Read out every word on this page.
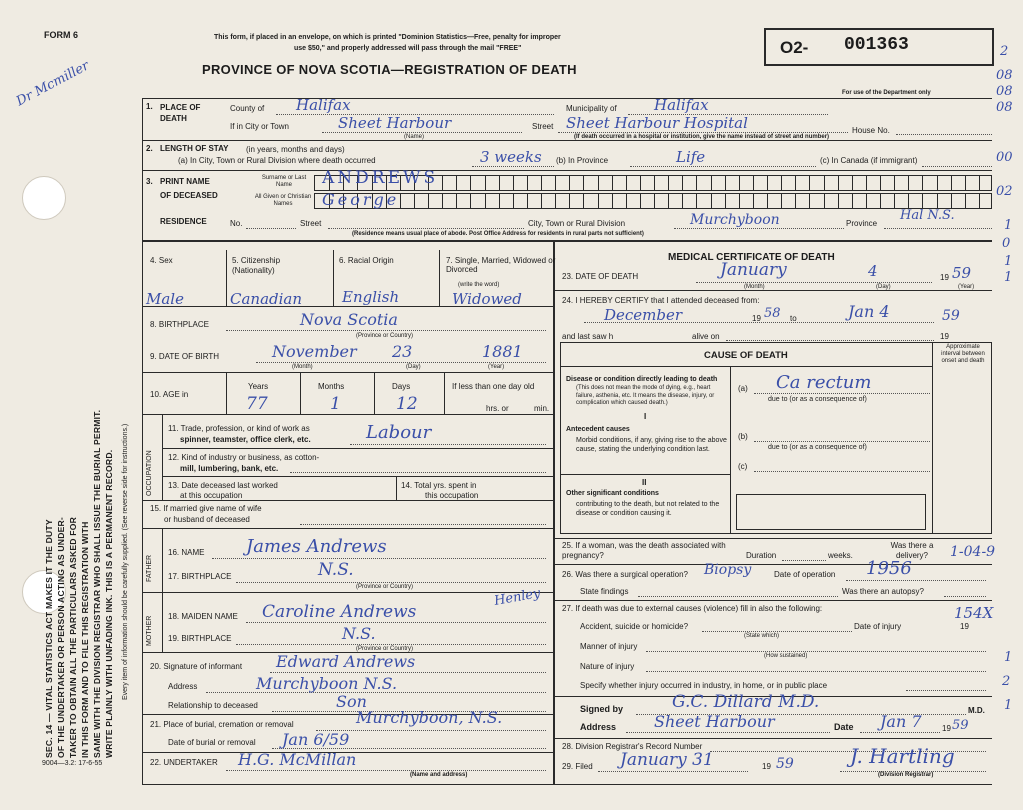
FORM 6
Dr Mcmiller
9004—3.2: 17-6-55
SEC. 14 — VITAL STATISTICS ACT MAKES IT THE DUTY OF THE UNDERTAKER OR PERSON ACTING AS UNDER- TAKER TO OBTAIN ALL THE PARTICULARS ASKED FOR IN THIS FORM AND TO FILE THIS REGISTRATION WITH SAME WITH THE DIVISION REGISTRAR WHO SHALL ISSUE THE BURIAL PERMIT. WRITE PLAINLY WITH UNFADING INK. THIS IS A PERMANENT RECORD. Every item of information should be carefully supplied. (See reverse side for instructions.)
This form, if placed in an envelope, on which is printed "Dominion Statistics—Free, penalty for improper
use $50," and properly addressed will pass through the mail "FREE"
PROVINCE OF NOVA SCOTIA—REGISTRATION OF DEATH
O2- 001363
For use of the Department only
2
08
08
08
00
02
1
0
1
1
154X
1
2
1
1. PLACE OF DEATH
County of Halifax	Municipality of Halifax
If in City or Town	Sheet Harbour	Street Sheet Harbour Hospital	House No.
(Name)	(If death occurred in a hospital or institution, give the name instead of street and number)
2. LENGTH OF STAY (in years, months and days)
(a) In City, Town or Rural Division where death occurred	3 weeks (b) In Province	Life	(c) In Canada (if immigrant)
3. PRINT NAME
OF DECEASED
Surname or Last Name
All Given or Christian Names
ANDREWS
George
RESIDENCE	No.	Street	City, Town or Rural Division	Murchyboon	Province
Hal N.S.
(Residence means usual place of abode. Post Office Address for residents in rural parts not sufficient)
4. Sex	5. Citizenship (Nationality)
6. Racial Origin	7. Single, Married, Widowed or Divorced
(write the word)
Male	Canadian	English	Widowed
8. BIRTHPLACE	Nova Scotia
(Province or Country)
9. DATE OF BIRTH	November 23	1881
(Month)	(Day)	(Year)
10. AGE in
Years	Months	Days	If less than one day old
77	1	12	hrs. or	min.
OCCUPATION
11. Trade, profession, or kind of work as
spinner, teamster, office clerk, etc.	Labour
12. Kind of industry or business, as cotton-
mill, lumbering, bank, etc.
13. Date deceased last worked
at this occupation
14. Total yrs. spent in
this occupation
15. If married give name of wife
or husband of deceased
FATHER
16. NAME James Andrews
17. BIRTHPLACE	N.S.
(Province or Country)
MOTHER 18. MAIDEN NAME Caroline Andrews
Henley
19. BIRTHPLACE	N.S.
(Province or Country)
20. Signature of informant Edward Andrews
Address	Murchyboon N.S.
Relationship to deceased	Son
21. Place of burial, cremation or removal	Murchyboon, N.S.
Date of burial or removal Jan 6/59
22. UNDERTAKER H.G. McMillan
(Name and address)
MEDICAL CERTIFICATE OF DEATH
23. DATE OF DEATH	January	4	19 59
(Month)	(Day)	(Year)
24. I HEREBY CERTIFY that I attended deceased from:
December	19 58 to	Jan 4	59
and last saw h	alive on	19
CAUSE OF DEATH
Approximate interval between onset and death
Disease or condition directly leading to death
(This does not mean the mode of dying, e.g., heart failure, asthenia, etc. It means the disease, injury, or complication which caused death.)
(a) Ca rectum
due to (or as a consequence of)
Antecedent causes
Morbid conditions, if any, giving rise to the above cause, stating the underlying condition last.
(b)
due to (or as a consequence of)
(c)
I
II
Other significant conditions
contributing to the death, but not related to the disease or condition causing it.
25. If a woman, was the death associated with pregnancy?	Duration	weeks.
Was there a delivery?	1-04-9
26. Was there a surgical operation? Biopsy	Date of operation 1956
State findings	Was there an autopsy?
27. If death was due to external causes (violence) fill in also the following:
Accident, suicide or homicide?
(State which)
Date of injury	19
Manner of injury
(How sustained)
Nature of injury
Specify whether injury occurred in industry, in home, or in public place
Signed by	G.C. Dillard M.D.	M.D.
Address Sheet Harbour	Date Jan 7	19 59
28. Division Registrar's Record Number
29. Filed January 31	19 59	J. Hartling
(Division Registrar)
